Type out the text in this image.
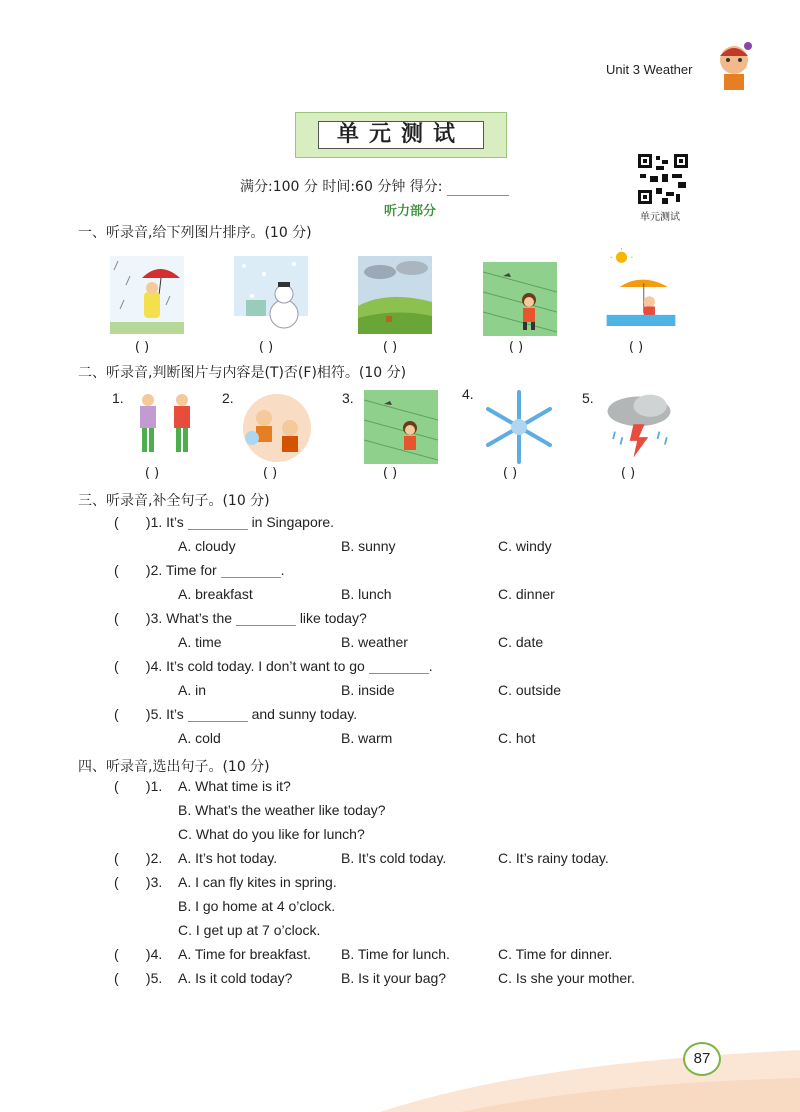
Unit 3 Weather
单元测试
满分:100 分 时间:60 分钟 得分:
听力部分	单元测试
一、听录音,给下列图片排序。(10 分)
( )	( )	( )	( )	( )
二、听录音,判断图片与内容是(T)否(F)相符。(10 分)
1.	2.	3.	4.	5.
( )	( )	( )	( )	( )
三、听录音,补全句子。(10 分)
( )1. It’s	in Singapore.
A. cloudy	B. sunny	C. windy
( )2. Time for	.
A. breakfast	B. lunch	C. dinner
( )3. What’s the	like today?
A. time	B. weather	C. date
( )4. It’s cold today. I don’t want to go	.
A. in	B. inside	C. outside
( )5. It’s	and sunny today.
A. cold	B. warm	C. hot
四、听录音,选出句子。(10 分)
( )1. A. What time is it?
B. What’s the weather like today?
C. What do you like for lunch?
( )2. A. It’s hot today.	B. It’s cold today.	C. It’s rainy today.
( )3. A. I can fly kites in spring.
B. I go home at 4 o’clock.
C. I get up at 7 o’clock.
( )4. A. Time for breakfast. B. Time for lunch.	C. Time for dinner.
( )5. A. Is it cold today?	B. Is it your bag?	C. Is she your mother.
87
